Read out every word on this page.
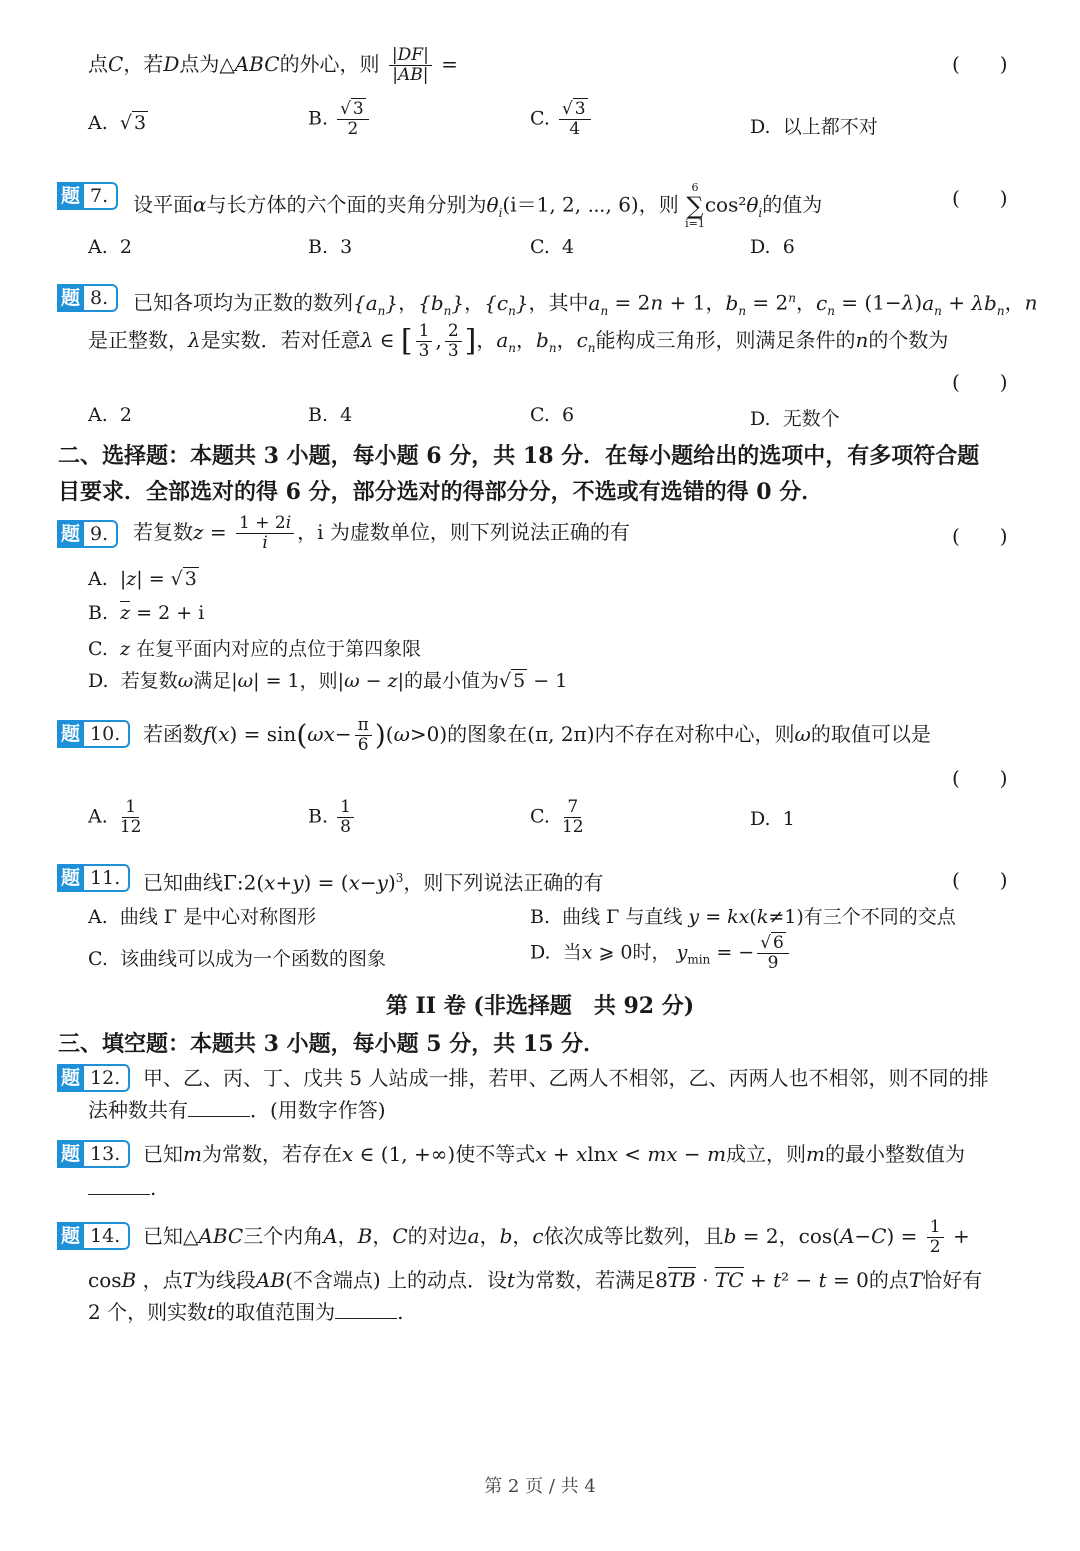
点C，若D点为△ABC的外心，则 $\frac{|DF|}{|AB|}$ =	(　　)
A.  √ 3	B. $\frac{√ 3}{2}$	C. $\frac{√ 3}{4}$	D. 以上都不对
题 7.	设平面α与长方体的六个面的夹角分别为$\theta_i(i=1$, 2, ⋯, 6)，则
6
∑
i=1
$\cos^2\theta_i$的值为	(　　)
A. 2	B. 3	C. 4	D. 6
题 8.	已知各项均为正数的数列$\{a_n\}$，$\{b_n\}$，$\{c_n\}$，其中$a_n = 2n + 1$，$b_n = 2^n$，$c_n = (1-\lambda)a_n + \lambda b_n$，n
是正整数，λ是实数．若对任意λ ∈ [ $\frac{1}{3}$ , $\frac{2}{3}$ ]，$a_n$，$b_n$，$c_n$能构成三角形，则满足条件的n的个数为
(　　)
A. 2	B. 4	C. 6	D. 无数个
二、选择题：本题共 3 小题，每小题 6 分，共 18 分．在每小题给出的选项中，有多项符合题
目要求．全部选对的得 6 分，部分选对的得部分分，不选或有选错的得 0 分．
题 9.	若复数$z = \frac{1 + 2i}{i}$ ，i 为虚数单位，则下列说法正确的有	(　　)
A.  |z| = √ 3
B. z = 2 + i
C. z 在复平面内对应的点位于第四象限
D. 若复数ω满足|ω| = 1，则|ω − z|的最小值为√ 5 − 1
题 10.	若函数$f(x) = \sin(\omega x- \frac{\pi}{6} )(\omega>0)$的图象在(π, 2π)内不存在对称中心，则ω的取值可以是
(　　)
A. $\frac{1}{12}$	B. $\frac{1}{8}$	C. $\frac{7}{12}$	D. 1
题 11.	已知曲线Γ:2(x+y) = $(x-y)^3$，则下列说法正确的有	(　　)
A. 曲线 Γ 是中心对称图形	B. 曲线 Γ 与直线 y = kx(k≠1)有三个不同的交点
C. 该曲线可以成为一个函数的图象	D. 当x ⩾ 0时， $y_{min}$ = − $\frac{√ 6}{9}$
第 II 卷 (非选择题　共 92 分)
三、填空题：本题共 3 小题，每小题 5 分，共 15 分．
题 12.	甲、乙、丙、丁、戊共 5 人站成一排，若甲、乙两人不相邻，乙、丙两人也不相邻，则不同的排
法种数共有	．(用数字作答)
题 13.	已知m为常数，若存在x ∈ (1, +∞)使不等式x + xlnx < mx − m成立，则m的最小整数值为
.
题 14.	已知△ABC三个内角A，B，C的对边a，b，c依次成等比数列，且b = 2，$\cos(A-C) = \frac{1}{2}$ +
cosB ，点T为线段AB(不含端点) 上的动点．设t为常数，若满足8TB · TC + t² − t = 0的点T恰好有
2 个，则实数t的取值范围为	.
第 2 页 / 共 4
